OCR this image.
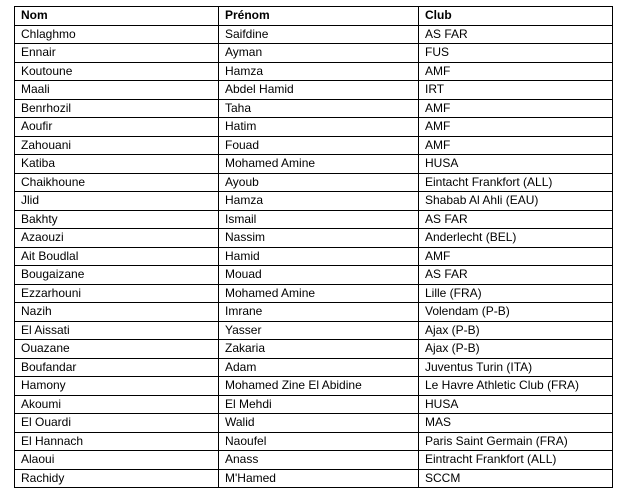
Nom	Prénom	Club
Chlaghmo	Saifdine	AS FAR
Ennair	Ayman	FUS
Koutoune	Hamza	AMF
Maali	Abdel Hamid	IRT
Benrhozil	Taha	AMF
Aoufir	Hatim	AMF
Zahouani	Fouad	AMF
Katiba	Mohamed Amine	HUSA
Chaikhoune	Ayoub	Eintacht Frankfort (ALL)
Jlid	Hamza	Shabab Al Ahli (EAU)
Bakhty	Ismail	AS FAR
Azaouzi	Nassim	Anderlecht (BEL)
Ait Boudlal	Hamid	AMF
Bougaizane	Mouad	AS FAR
Ezzarhouni	Mohamed Amine	Lille (FRA)
Nazih	Imrane	Volendam (P-B)
El Aissati	Yasser	Ajax (P-B)
Ouazane	Zakaria	Ajax (P-B)
Boufandar	Adam	Juventus Turin (ITA)
Hamony	Mohamed Zine El Abidine	Le Havre Athletic Club (FRA)
Akoumi	El Mehdi	HUSA
El Ouardi	Walid	MAS
El Hannach	Naoufel	Paris Saint Germain (FRA)
Alaoui	Anass	Eintracht Frankfort (ALL)
Rachidy	M'Hamed	SCCM
